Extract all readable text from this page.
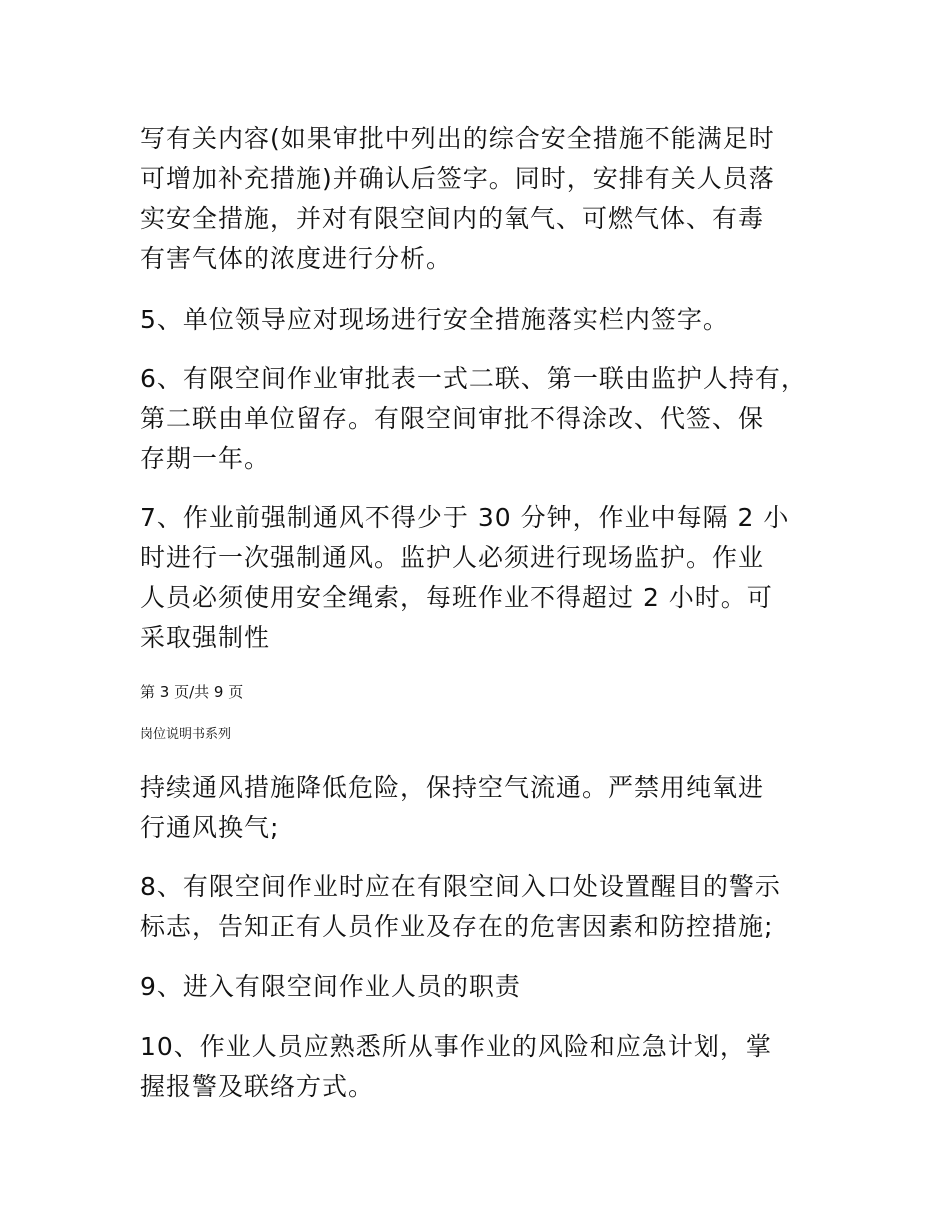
写有关内容(如果审批中列出的综合安全措施不能满足时
可增加补充措施)并确认后签字。同时，安排有关人员落
实安全措施，并对有限空间内的氧气、可燃气体、有毒
有害气体的浓度进行分析。
5、单位领导应对现场进行安全措施落实栏内签字。
6、有限空间作业审批表一式二联、第一联由监护人持有，
第二联由单位留存。有限空间审批不得涂改、代签、保
存期一年。
7、作业前强制通风不得少于 30 分钟，作业中每隔 2 小
时进行一次强制通风。监护人必须进行现场监护。作业
人员必须使用安全绳索，每班作业不得超过 2 小时。可
采取强制性
第 3 页/共 9 页
岗位说明书系列
持续通风措施降低危险，保持空气流通。严禁用纯氧进
行通风换气;
8、有限空间作业时应在有限空间入口处设置醒目的警示
标志，告知正有人员作业及存在的危害因素和防控措施;
9、进入有限空间作业人员的职责
10、作业人员应熟悉所从事作业的风险和应急计划，掌
握报警及联络方式。
